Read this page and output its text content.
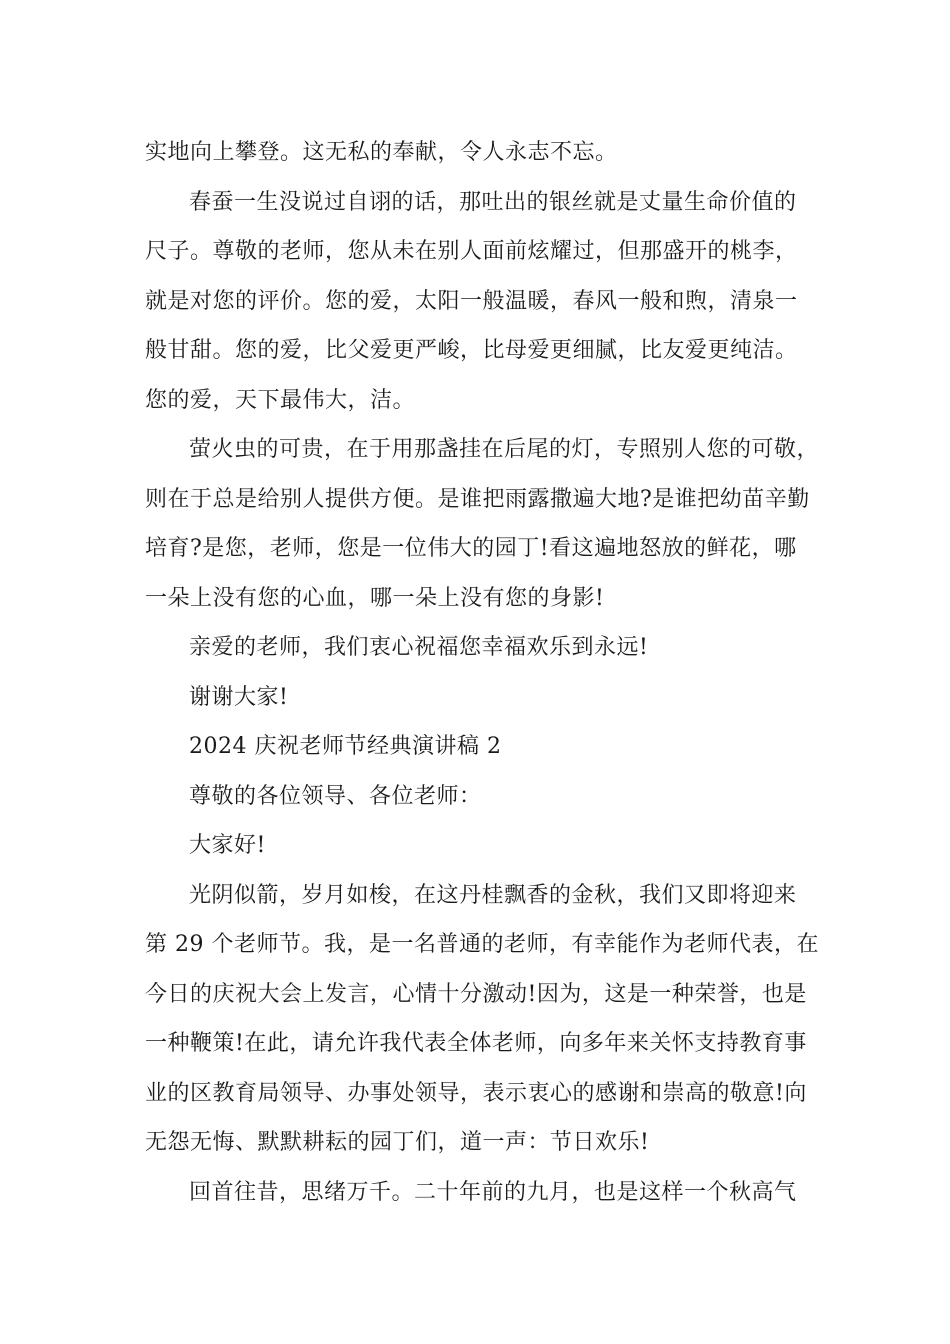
实地向上攀登。这无私的奉献，令人永志不忘。
春蚕一生没说过自诩的话，那吐出的银丝就是丈量生命价值的
尺子。尊敬的老师，您从未在别人面前炫耀过，但那盛开的桃李，
就是对您的评价。您的爱，太阳一般温暖，春风一般和煦，清泉一
般甘甜。您的爱，比父爱更严峻，比母爱更细腻，比友爱更纯洁。
您的爱，天下最伟大，洁。
萤火虫的可贵，在于用那盏挂在后尾的灯，专照别人您的可敬，
则在于总是给别人提供方便。是谁把雨露撒遍大地?是谁把幼苗辛勤
培育?是您，老师，您是一位伟大的园丁!看这遍地怒放的鲜花，哪
一朵上没有您的心血，哪一朵上没有您的身影!
亲爱的老师，我们衷心祝福您幸福欢乐到永远!
谢谢大家!
2024 庆祝老师节经典演讲稿 2
尊敬的各位领导、各位老师：
大家好!
光阴似箭，岁月如梭，在这丹桂飘香的金秋，我们又即将迎来
第 29 个老师节。我，是一名普通的老师，有幸能作为老师代表，在
今日的庆祝大会上发言，心情十分激动!因为，这是一种荣誉，也是
一种鞭策!在此，请允许我代表全体老师，向多年来关怀支持教育事
业的区教育局领导、办事处领导，表示衷心的感谢和崇高的敬意!向
无怨无悔、默默耕耘的园丁们，道一声：节日欢乐!
回首往昔，思绪万千。二十年前的九月，也是这样一个秋高气
